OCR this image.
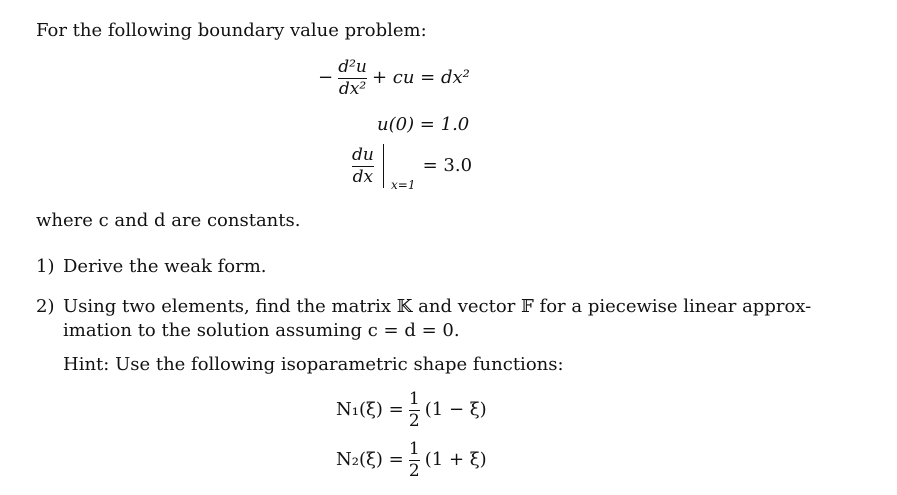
For the following boundary value problem:
− $\frac{\text{d²u}}{\text{dx²}}$ + cu = dx²
u(0) = 1.0
$\frac{du}{dx} _{x=1} = 3.0$
where c and d are constants.
1) Derive the weak form.
2) Using two elements, find the matrix 𝕂 and vector 𝔽 for a piecewise linear approx-
imation to the solution assuming c = d = 0.
Hint: Use the following isoparametric shape functions:
$N_1(\xi) = \frac{1}{2} (1 - \xi)$
$N_2(\xi) = \frac{1}{2} (1 + \xi)$
